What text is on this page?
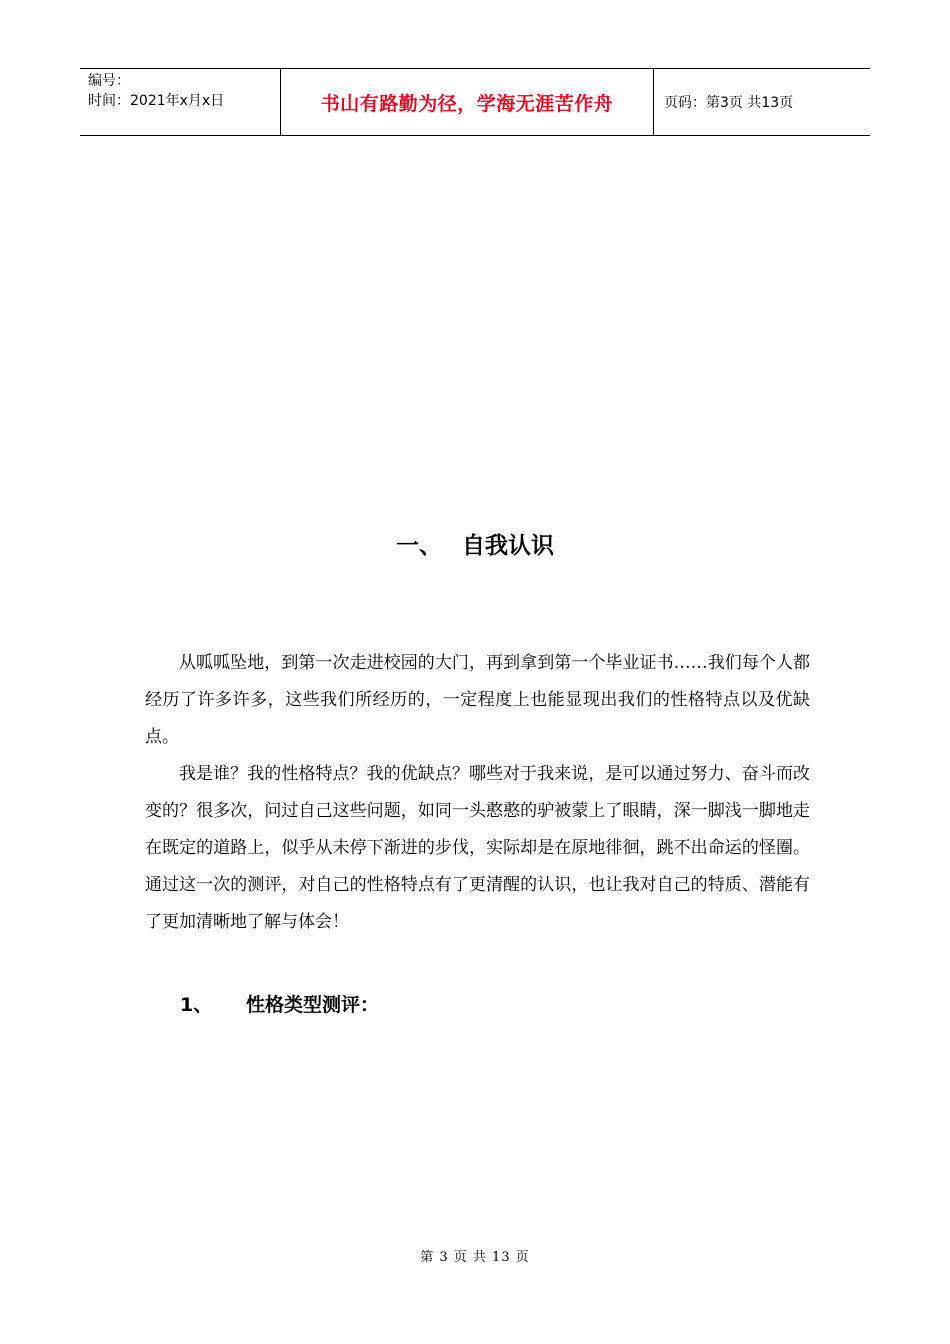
编号：
时间：2021年x月x日	书山有路勤为径，学海无涯苦作舟	页码：第3页 共13页
一、 自我认识

从呱呱坠地，到第一次走进校园的大门，再到拿到第一个毕业证书……我们每个人都经历了许多许多，这些我们所经历的，一定程度上也能显现出我们的性格特点以及优缺点。

我是谁？我的性格特点？我的优缺点？哪些对于我来说，是可以通过努力、奋斗而改变的？很多次，问过自己这些问题，如同一头憨憨的驴被蒙上了眼睛，深一脚浅一脚地走在既定的道路上，似乎从未停下渐进的步伐，实际却是在原地徘徊，跳不出命运的怪圈。通过这一次的测评，对自己的性格特点有了更清醒的认识，也让我对自己的特质、潜能有了更加清晰地了解与体会！

1、 性格类型测评：
第 3 页 共 13 页
